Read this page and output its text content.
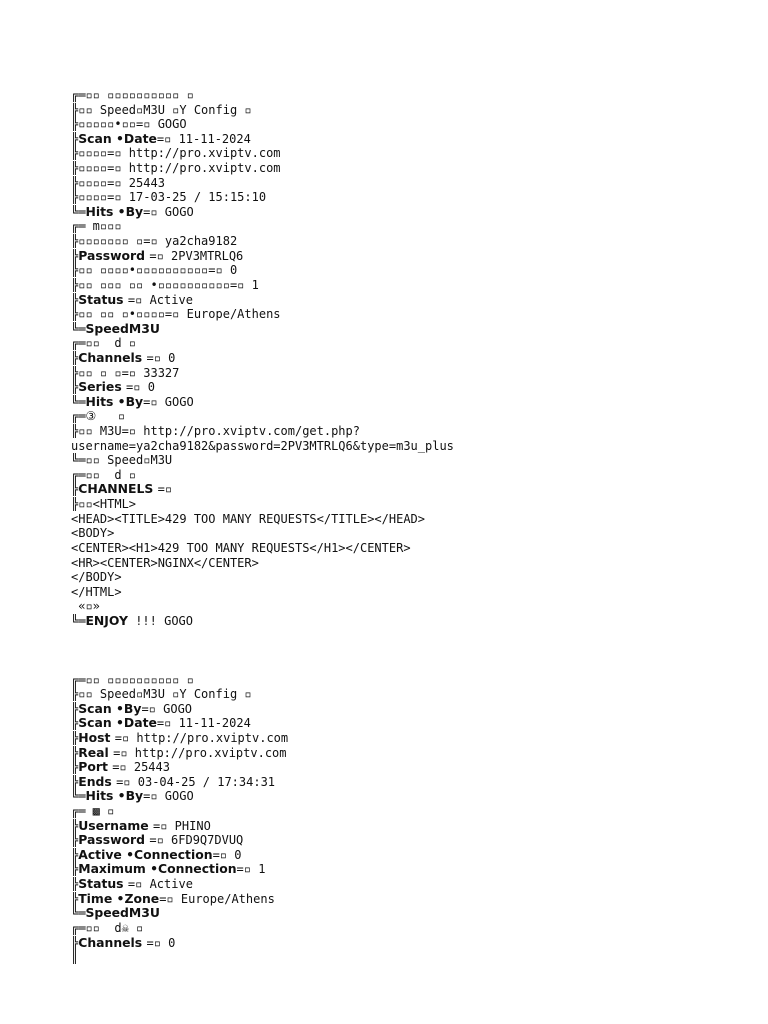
╔═▫▫ ▫▫▫▫▫▫▫▫▫▫ ▫
╠▫▫ Speed▫M3U ▫Y Config ▫
╠▫▫▫▫▫•▫▫=▫ GOGO
╠Scan •Date=▫ 11-11-2024
╠▫▫▫▫=▫ http://pro.xviptv.com
╠▫▫▫▫=▫ http://pro.xviptv.com
╠▫▫▫▫=▫ 25443
╠▫▫▫▫=▫ 17-03-25 / 15:15:10
╚═Hits •By=▫ GOGO
╔═ m▫▫▫
╠▫▫▫▫▫▫▫ ▫=▫ ya2cha9182
╠Password =▫ 2PV3MTRLQ6
╠▫▫ ▫▫▫▫•▫▫▫▫▫▫▫▫▫▫=▫ 0
╠▫▫ ▫▫▫ ▫▫ •▫▫▫▫▫▫▫▫▫▫=▫ 1
╠Status =▫ Active
╠▫▫ ▫▫ ▫•▫▫▫▫=▫ Europe/Athens
╚═SpeedM3U
╔═▫▫  d ▫
╠Channels =▫ 0
╠▫▫ ▫ ▫=▫ 33327
╠Series =▫ 0
╚═Hits •By=▫ GOGO
╔═③   ▫
╠▫▫ M3U=▫ http://pro.xviptv.com/get.php?
username=ya2cha9182&password=2PV3MTRLQ6&type=m3u_plus
╚═▫▫ Speed▫M3U
╔═▫▫  d ▫
╠CHANNELS =▫
╠▫▫<HTML>
<HEAD><TITLE>429 TOO MANY REQUESTS</TITLE></HEAD>
<BODY>
<CENTER><H1>429 TOO MANY REQUESTS</H1></CENTER>
<HR><CENTER>NGINX</CENTER>
</BODY>
</HTML>
«▫»
╚═ENJOY !!! GOGO
╔═▫▫ ▫▫▫▫▫▫▫▫▫▫ ▫
╠▫▫ Speed▫M3U ▫Y Config ▫
╠Scan •By=▫ GOGO
╠Scan •Date=▫ 11-11-2024
╠Host =▫ http://pro.xviptv.com
╠Real =▫ http://pro.xviptv.com
╠Port =▫ 25443
╠Ends =▫ 03-04-25 / 17:34:31
╚═Hits •By=▫ GOGO
╔═ ▩ ▫
╠Username =▫ PHINO
╠Password =▫ 6FD9Q7DVUQ
╠Active •Connection=▫ 0
╠Maximum •Connection=▫ 1
╠Status =▫ Active
╠Time •Zone=▫ Europe/Athens
╚═SpeedM3U
╔═▫▫  d☠ ▫
╠Channels =▫ 0
║
